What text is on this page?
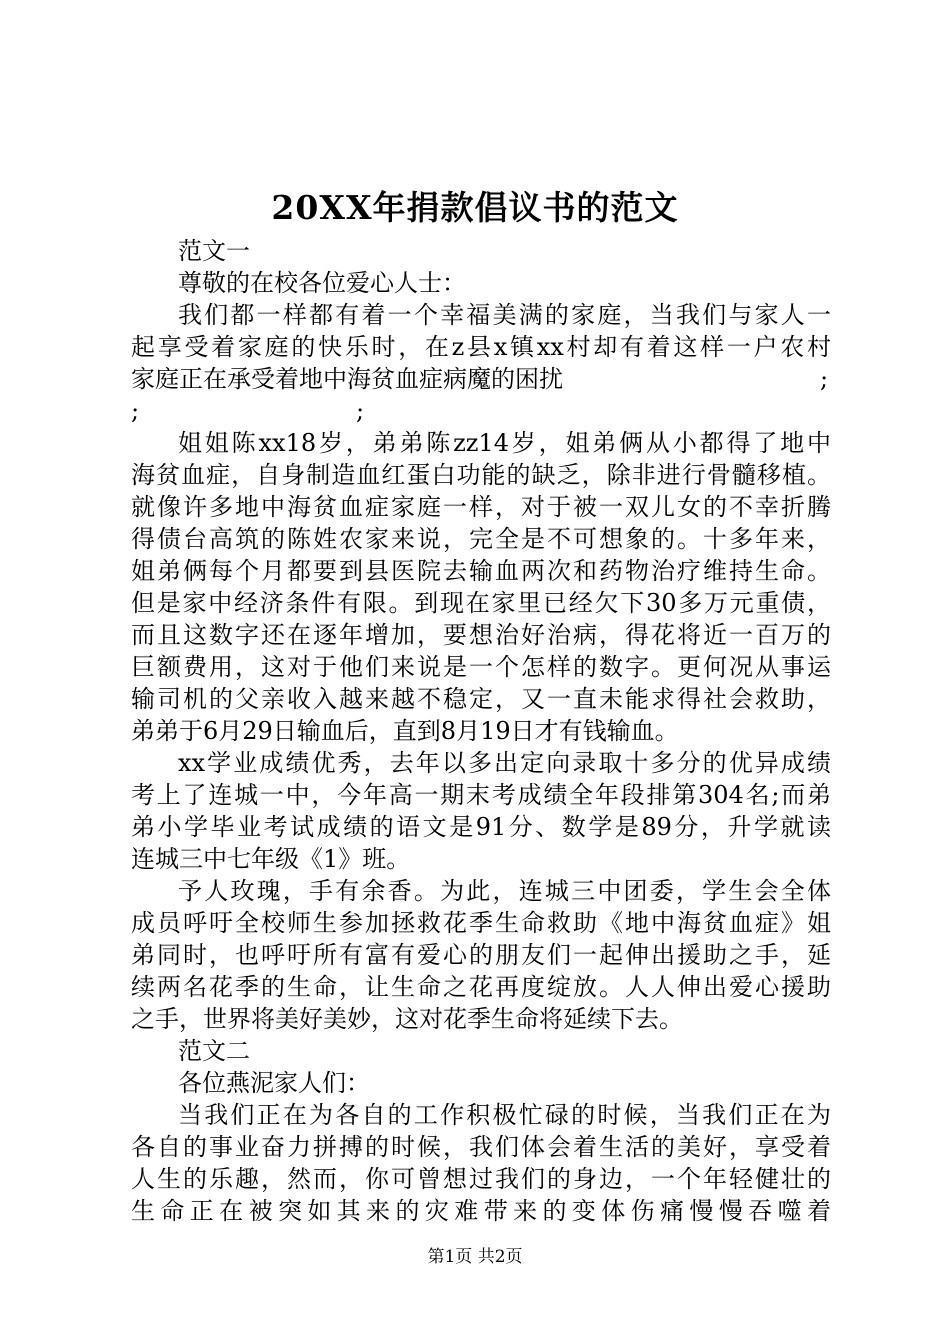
20XX年捐款倡议书的范文
范文一
尊敬的在校各位爱心人士：
我们都一样都有着一个幸福美满的家庭，当我们与家人一
起享受着家庭的快乐时，在z县x镇xx村却有着这样一户农村
家庭正在承受着地中海贫血症病魔的困扰	;
;	;
姐姐陈xx18岁，弟弟陈zz14岁，姐弟俩从小都得了地中
海贫血症，自身制造血红蛋白功能的缺乏，除非进行骨髓移植。
就像许多地中海贫血症家庭一样，对于被一双儿女的不幸折腾
得债台高筑的陈姓农家来说，完全是不可想象的。十多年来，
姐弟俩每个月都要到县医院去输血两次和药物治疗维持生命。
但是家中经济条件有限。到现在家里已经欠下30多万元重债，
而且这数字还在逐年增加，要想治好治病，得花将近一百万的
巨额费用，这对于他们来说是一个怎样的数字。更何况从事运
输司机的父亲收入越来越不稳定，又一直未能求得社会救助，
弟弟于6月29日输血后，直到8月19日才有钱输血。
xx学业成绩优秀，去年以多出定向录取十多分的优异成绩
考上了连城一中，今年高一期末考成绩全年段排第304名;而弟
弟小学毕业考试成绩的语文是91分、数学是89分，升学就读
连城三中七年级《1》班。
予人玫瑰，手有余香。为此，连城三中团委，学生会全体
成员呼吁全校师生参加拯救花季生命救助《地中海贫血症》姐
弟同时，也呼吁所有富有爱心的朋友们一起伸出援助之手，延
续两名花季的生命，让生命之花再度绽放。人人伸出爱心援助
之手，世界将美好美妙，这对花季生命将延续下去。
范文二
各位燕泥家人们：
当我们正在为各自的工作积极忙碌的时候，当我们正在为
各自的事业奋力拼搏的时候，我们体会着生活的美好，享受着
人生的乐趣，然而，你可曾想过我们的身边，一个年轻健壮的
生命正在被突如其来的灾难带来的变体伤痛慢慢吞噬着
第1页 共2页
